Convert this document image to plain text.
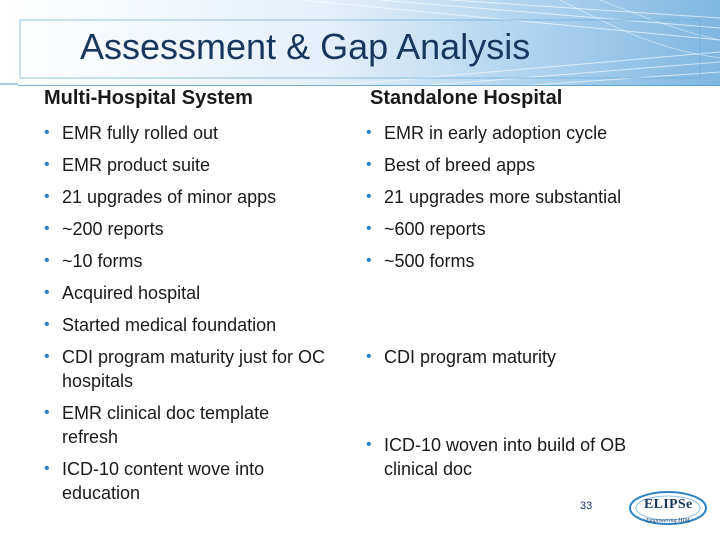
Assessment & Gap Analysis
Multi-Hospital System	Standalone Hospital
• EMR fully rolled out
• EMR product suite
• 21 upgrades of minor apps
• ~200 reports
• ~10 forms
• Acquired hospital
• Started medical foundation
• CDI program maturity just for OC hospitals
• EMR clinical doc template refresh
• ICD-10 content wove into education
• EMR in early adoption cycle
• Best of breed apps
• 21 upgrades more substantial
• ~600 reports
• ~500 forms
• CDI program maturity
• ICD-10 woven into build of OB clinical doc
33	ELIPSe
Empowering HIM
